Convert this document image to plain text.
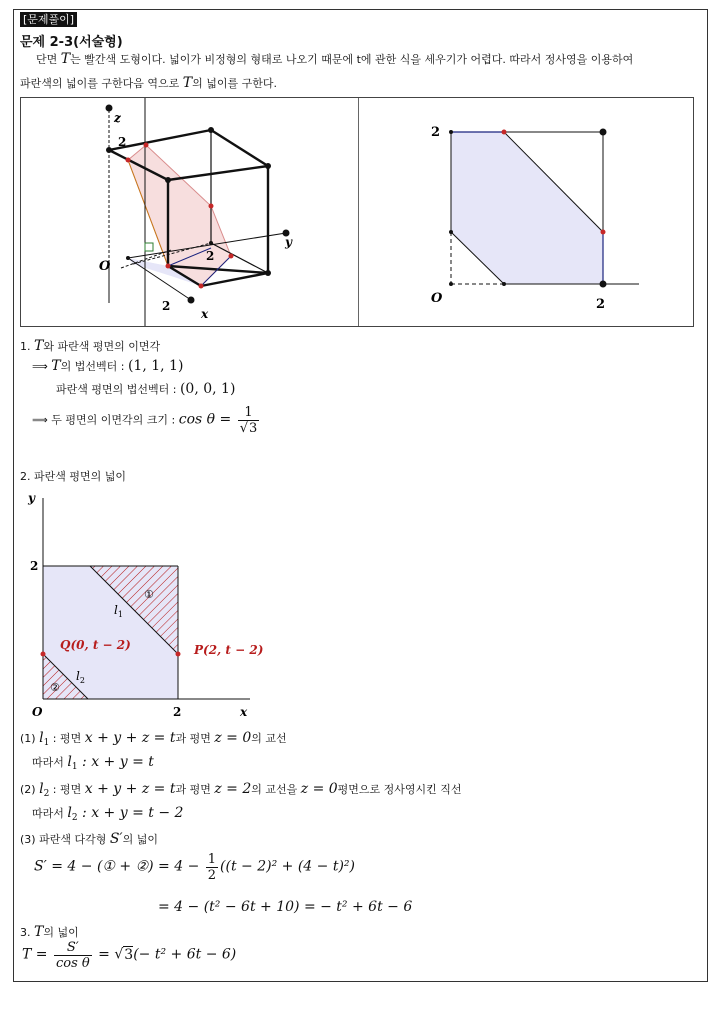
[문제풀이]
문제 2-3(서술형)
단면 T는 빨간색 도형이다. 넓이가 비정형의 형태로 나오기 때문에 t에 관한 식을 세우기가 어렵다. 따라서 정사영을 이용하여
파란색의 넓이를 구한다음 역으로 T의 넓이를 구한다.
z
y
x
O
2
2
2
2
2
O
1. T와 파란색 평면의 이면각
⟹ T의 법선벡터 : (1, 1, 1)
파란색 평면의 법선벡터 : (0, 0, 1)
⟹ 두 평면의 이면각의 크기 : $\cos \theta = \frac{1}{√3}$
2. 파란색 평면의 넓이
y
x
O
2
2
$l_1$
$l_2$
①
②
Q(0, t − 2)	P(2, t − 2)
(1) $l_1$ : 평면 x + y + z = t과 평면 z = 0의 교선
따라서 $l_1$ : x + y = t
(2) $l_2$ : 평면 x + y + z = t과 평면 z = 2의 교선을 z = 0평면으로 정사영시킨 직선
따라서 $l_2$ : x + y = t − 2
(3) 파란색 다각형 S′의 넓이
S′ = 4 − (① + ②) = $4 - \frac{1}{2} ((t - 2)^2 + (4 - t)^2)$
= 4 − (t² − 6t + 10) = − t² + 6t − 6
3. T의 넓이
$T = \frac{S'}{\text{cos θ}} = √3(- t^2 + 6t - 6)$
